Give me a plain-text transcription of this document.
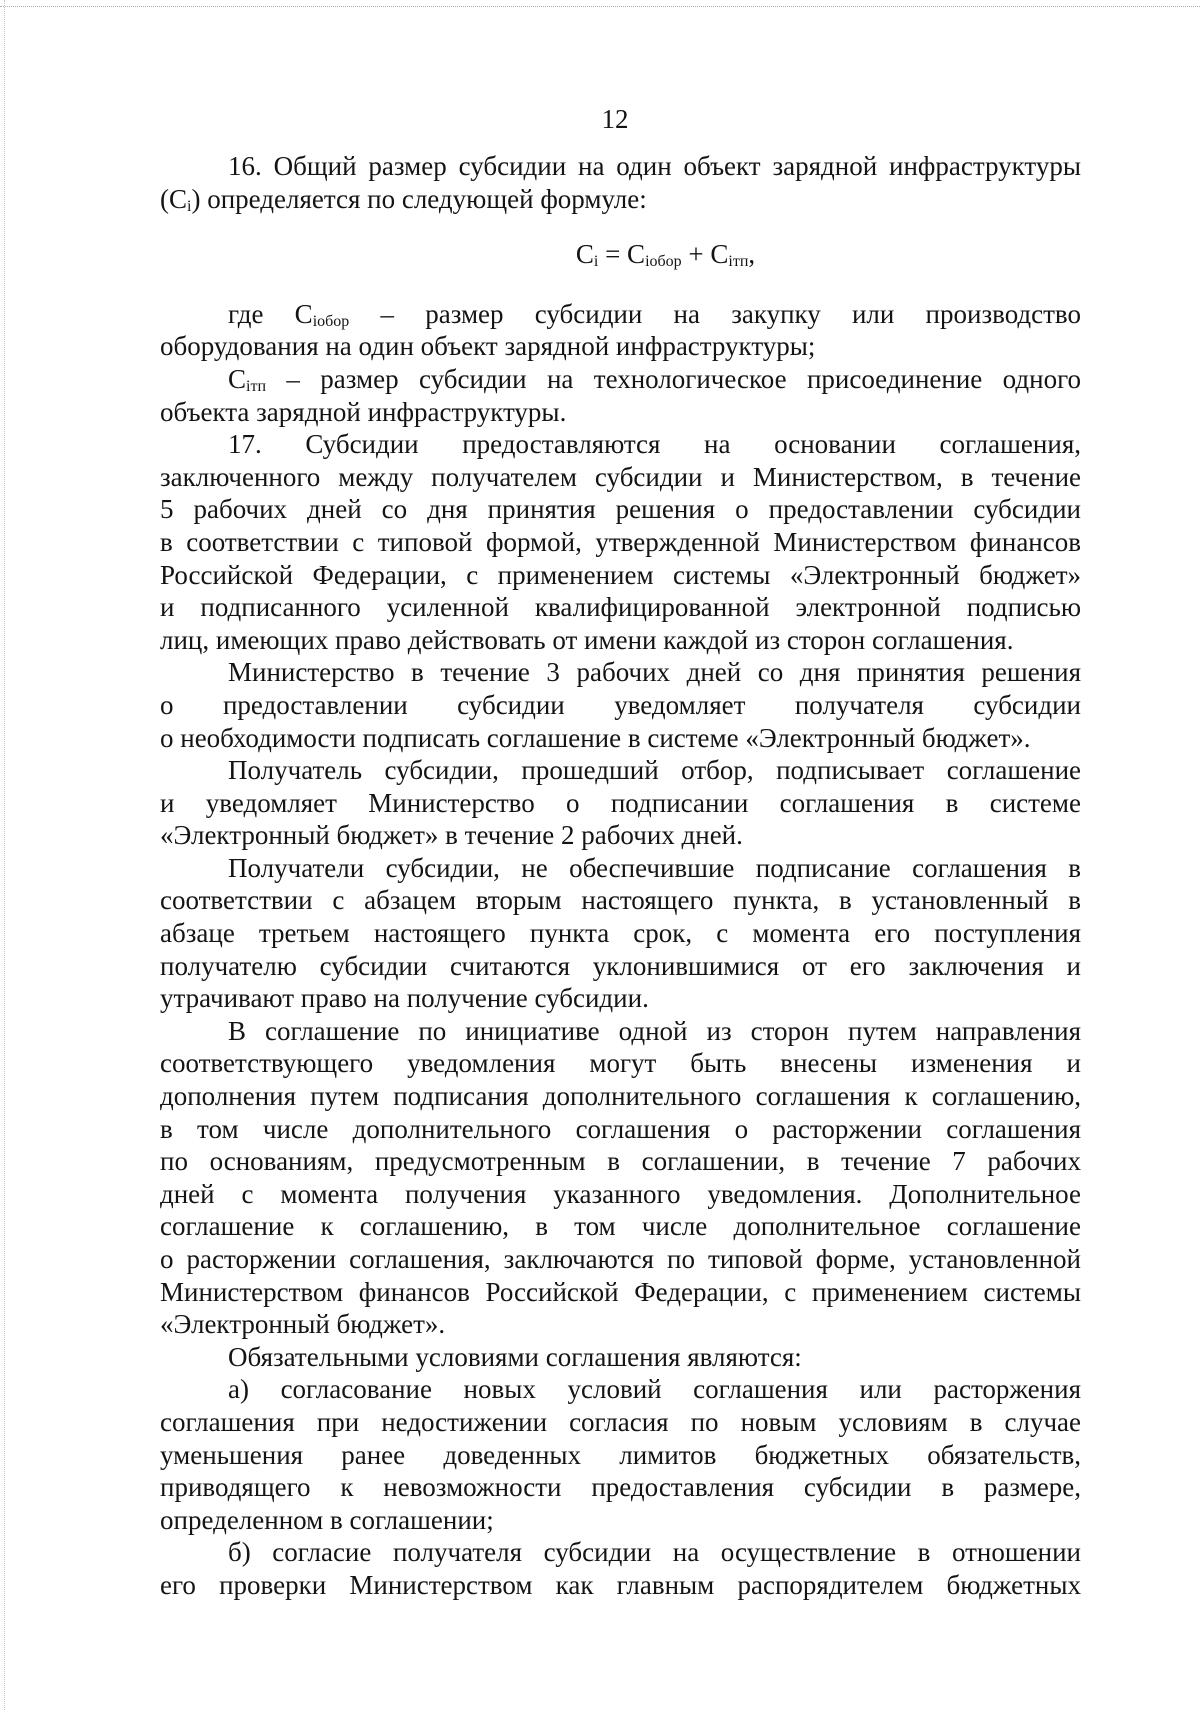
12
16. Общий размер субсидии на один объект зарядной инфраструктуры
$(С_i)$ определяется по следующей формуле:
$С_i = С_{iобор} + С_{iтп}$,
где $С_{iобор}$ – размер субсидии на закупку или производство
оборудования на один объект зарядной инфраструктуры;
$С_{iтп}$ – размер субсидии на технологическое присоединение одного
объекта зарядной инфраструктуры.
17. Субсидии предоставляются на основании соглашения,
заключенного между получателем субсидии и Министерством, в течение
5 рабочих дней со дня принятия решения о предоставлении субсидии
в соответствии с типовой формой, утвержденной Министерством финансов
Российской Федерации, с применением системы «Электронный бюджет»
и подписанного усиленной квалифицированной электронной подписью
лиц, имеющих право действовать от имени каждой из сторон соглашения.
Министерство в течение 3 рабочих дней со дня принятия решения
о предоставлении субсидии уведомляет получателя субсидии
о необходимости подписать соглашение в системе «Электронный бюджет».
Получатель субсидии, прошедший отбор, подписывает соглашение
и уведомляет Министерство о подписании соглашения в системе
«Электронный бюджет» в течение 2 рабочих дней.
Получатели субсидии, не обеспечившие подписание соглашения в
соответствии с абзацем вторым настоящего пункта, в установленный в
абзаце третьем настоящего пункта срок, с момента его поступления
получателю субсидии считаются уклонившимися от его заключения и
утрачивают право на получение субсидии.
В соглашение по инициативе одной из сторон путем направления
соответствующего уведомления могут быть внесены изменения и
дополнения путем подписания дополнительного соглашения к соглашению,
в том числе дополнительного соглашения о расторжении соглашения
по основаниям, предусмотренным в соглашении, в течение 7 рабочих
дней с момента получения указанного уведомления. Дополнительное
соглашение к соглашению, в том числе дополнительное соглашение
о расторжении соглашения, заключаются по типовой форме, установленной
Министерством финансов Российской Федерации, с применением системы
«Электронный бюджет».
Обязательными условиями соглашения являются:
а) согласование новых условий соглашения или расторжения
соглашения при недостижении согласия по новым условиям в случае
уменьшения ранее доведенных лимитов бюджетных обязательств,
приводящего к невозможности предоставления субсидии в размере,
определенном в соглашении;
б) согласие получателя субсидии на осуществление в отношении
его проверки Министерством как главным распорядителем бюджетных
